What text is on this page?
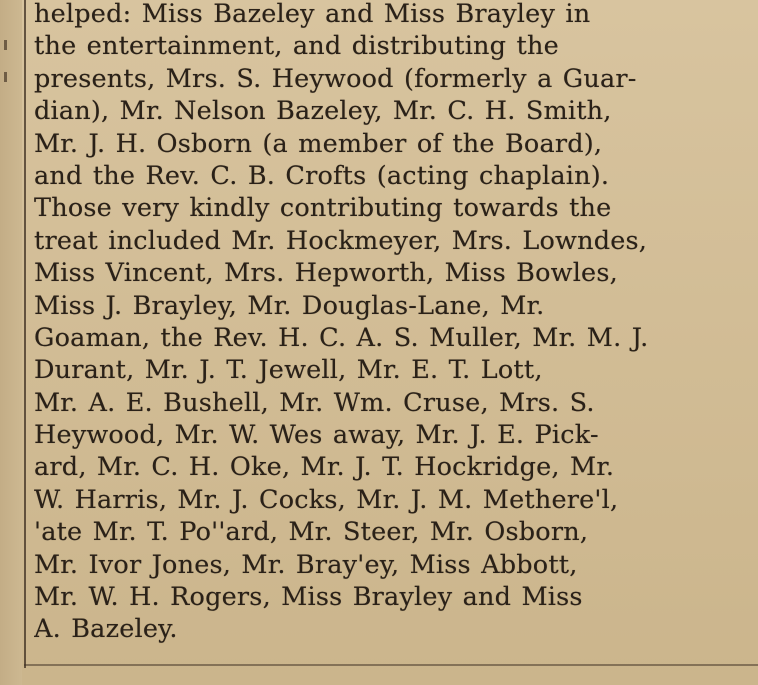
helped: Miss Bazeley and Miss Brayley in
the entertainment, and distributing the
presents, Mrs. S. Heywood (formerly a Guar-
dian), Mr. Nelson Bazeley, Mr. C. H. Smith,
Mr. J. H. Osborn (a member of the Board),
and the Rev. C. B. Crofts (acting chaplain).
Those very kindly contributing towards the
treat included Mr. Hockmeyer, Mrs. Lowndes,
Miss Vincent, Mrs. Hepworth, Miss Bowles,
Miss J. Brayley, Mr. Douglas-Lane, Mr.
Goaman, the Rev. H. C. A. S. Muller, Mr. M. J.
Durant, Mr. J. T. Jewell, Mr. E. T. Lott,
Mr. A. E. Bushell, Mr. Wm. Cruse, Mrs. S.
Heywood, Mr. W. Wes away, Mr. J. E. Pick-
ard, Mr. C. H. Oke, Mr. J. T. Hockridge, Mr.
W. Harris, Mr. J. Cocks, Mr. J. M. Methere'l,
'ate Mr. T. Po''ard, Mr. Steer, Mr. Osborn,
Mr. Ivor Jones, Mr. Bray'ey, Miss Abbott,
Mr. W. H. Rogers, Miss Brayley and Miss
A. Bazeley.
